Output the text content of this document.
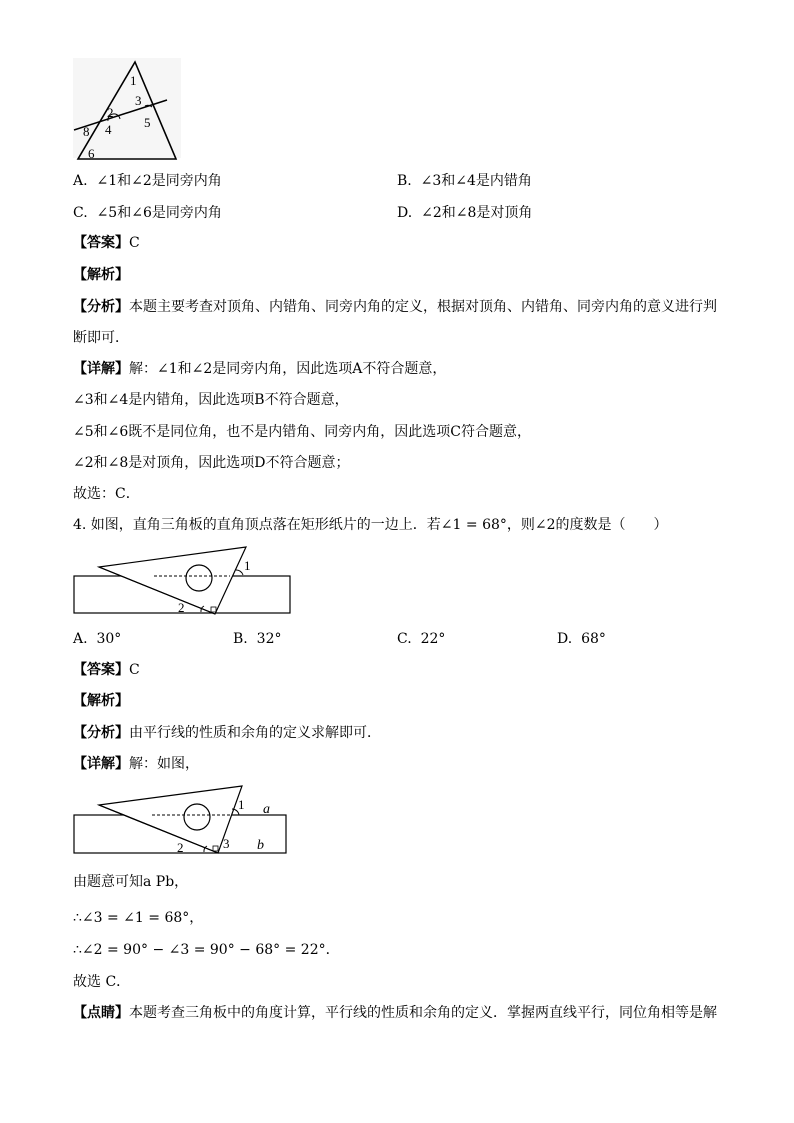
1
2
3
4	5
6
8
A. ∠1和∠2是同旁内角	B. ∠3和∠4是内错角
C. ∠5和∠6是同旁内角	D. ∠2和∠8是对顶角
【答案】C
【解析】
【分析】本题主要考查对顶角、内错角、同旁内角的定义，根据对顶角、内错角、同旁内角的意义进行判
断即可．
【详解】解：∠1和∠2是同旁内角，因此选项A不符合题意，
∠3和∠4是内错角，因此选项B不符合题意，
∠5和∠6既不是同位角，也不是内错角、同旁内角，因此选项C符合题意，
∠2和∠8是对顶角，因此选项D不符合题意；
故选：C．
4. 如图，直角三角板的直角顶点落在矩形纸片的一边上．若∠1 = 68°，则∠2的度数是（　　）
1
2
A. 30°	B. 32°	C. 22°	D. 68°
【答案】C
【解析】
【分析】由平行线的性质和余角的定义求解即可．
【详解】解：如图，
1 a
2	3 b
由题意可知a Pb，
∴∠3 = ∠1 = 68°，
∴∠2 = 90° − ∠3 = 90° − 68° = 22°．
故选 C．
【点睛】本题考查三角板中的角度计算，平行线的性质和余角的定义．掌握两直线平行，同位角相等是解
